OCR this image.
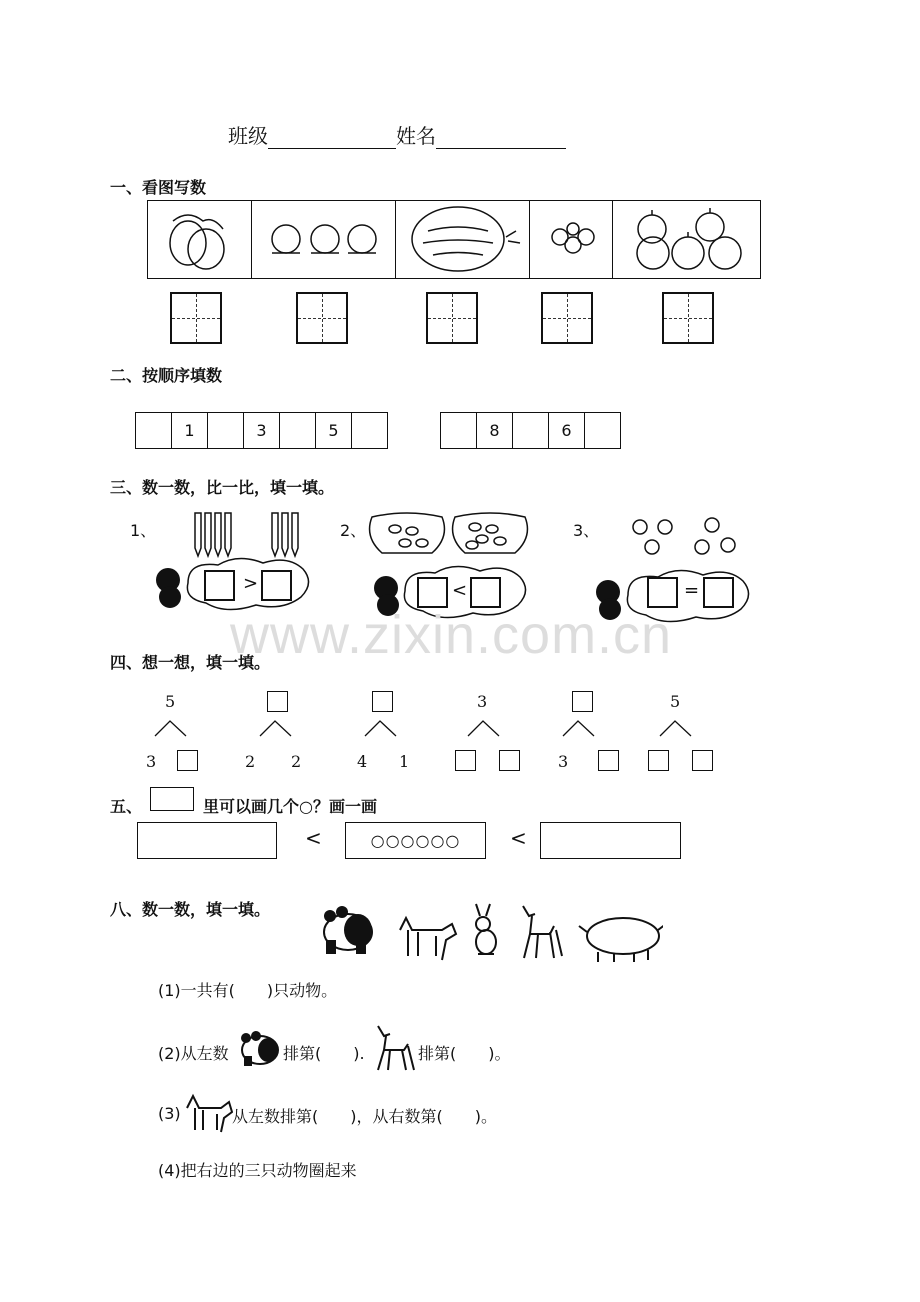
班级	姓名
一、看图写数
二、按顺序填数
1	3	5	8	6
三、数一数，比一比，填一填。
1、	2、	3、
>	<	=
www.zixin.com.cn
四、想一想，填一填。
5	3	5
3	2 2	4 1	3
五、	里可以画几个○？画一画
<	○○○○○○	<
八、数一数，填一填。
(1)一共有(　　)只动物。
(2)从左数	排第(　　).	排第(　　)。
(3)	从左数排第(　　)，从右数第(　　)。
(4)把右边的三只动物圈起来
